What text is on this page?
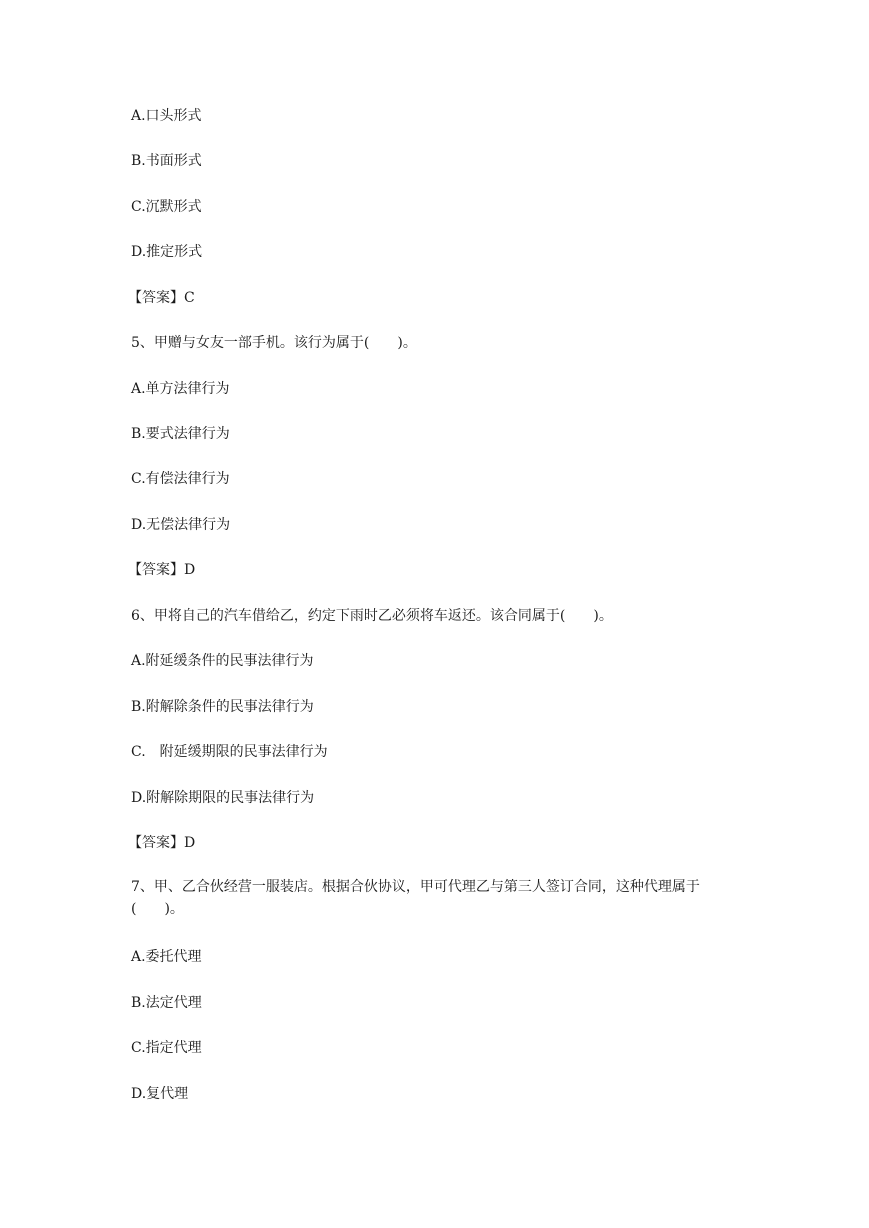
A.口头形式
B.书面形式
C.沉默形式
D.推定形式
【答案】C
5、甲赠与女友一部手机。该行为属于(　　)。
A.单方法律行为
B.要式法律行为
C.有偿法律行为
D.无偿法律行为
【答案】D
6、甲将自己的汽车借给乙，约定下雨时乙必须将车返还。该合同属于(　　)。
A.附延缓条件的民事法律行为
B.附解除条件的民事法律行为
C.　附延缓期限的民事法律行为
D.附解除期限的民事法律行为
【答案】D
7、甲、乙合伙经营一服装店。根据合伙协议，甲可代理乙与第三人签订合同，这种代理属于(　　)。
A.委托代理
B.法定代理
C.指定代理
D.复代理
